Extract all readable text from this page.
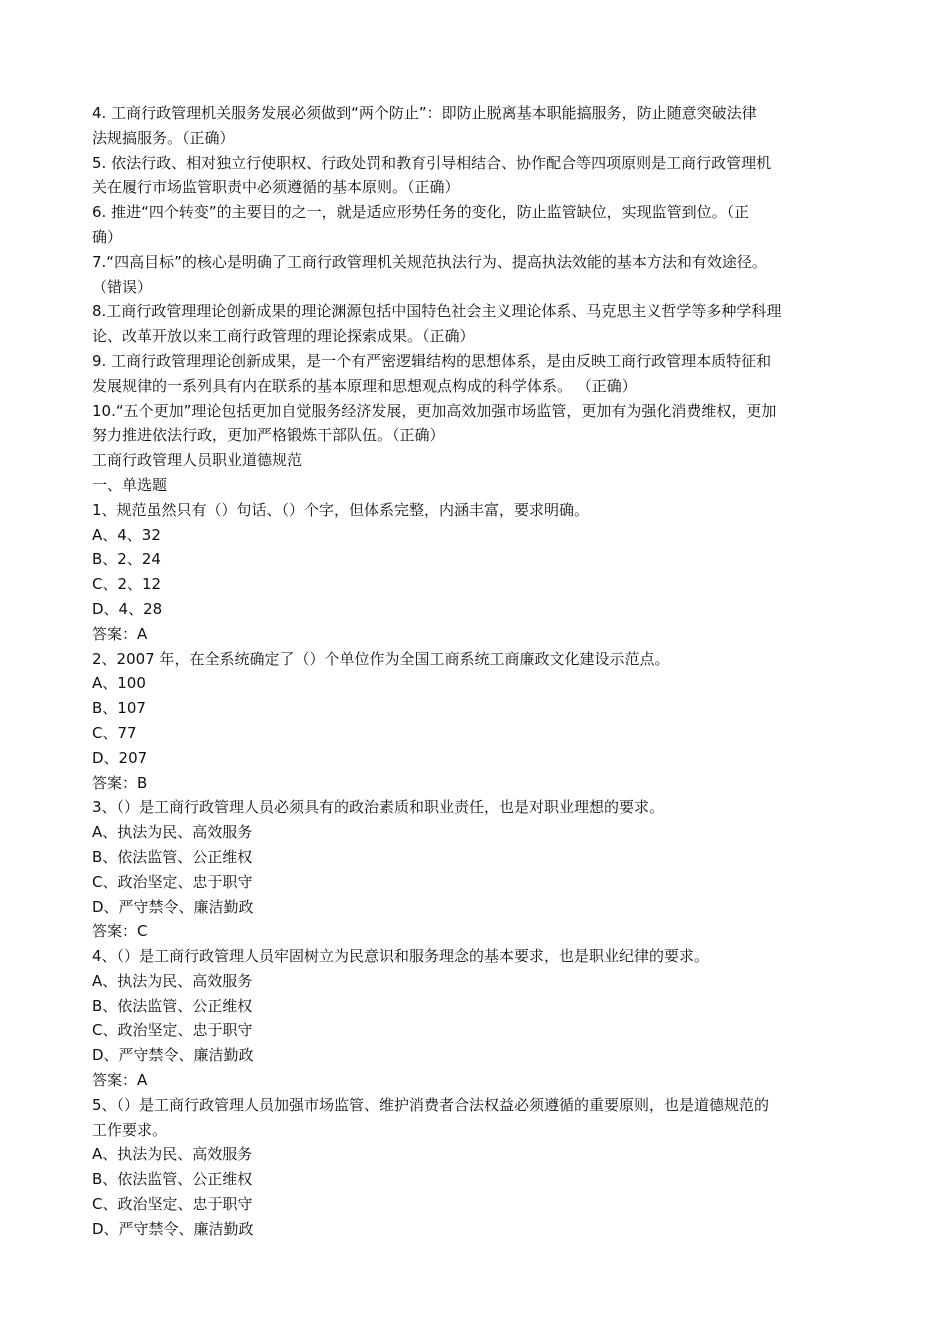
4. 工商行政管理机关服务发展必须做到“两个防止”：即防止脱离基本职能搞服务，防止随意突破法律
法规搞服务。（正确）
5. 依法行政、相对独立行使职权、行政处罚和教育引导相结合、协作配合等四项原则是工商行政管理机
关在履行市场监管职责中必须遵循的基本原则。（正确）
6. 推进“四个转变”的主要目的之一，就是适应形势任务的变化，防止监管缺位，实现监管到位。（正
确）
7.“四高目标”的核心是明确了工商行政管理机关规范执法行为、提高执法效能的基本方法和有效途径。
（错误）
8.工商行政管理理论创新成果的理论渊源包括中国特色社会主义理论体系、马克思主义哲学等多种学科理
论、改革开放以来工商行政管理的理论探索成果。（正确）
9. 工商行政管理理论创新成果，是一个有严密逻辑结构的思想体系，是由反映工商行政管理本质特征和
发展规律的一系列具有内在联系的基本原理和思想观点构成的科学体系。 （正确）
10.“五个更加”理论包括更加自觉服务经济发展，更加高效加强市场监管，更加有为强化消费维权，更加
努力推进依法行政，更加严格锻炼干部队伍。（正确）
工商行政管理人员职业道德规范
一、单选题
1、规范虽然只有（）句话、（）个字，但体系完整，内涵丰富，要求明确。
A、4、32
B、2、24
C、2、12
D、4、28
答案：A
2、2007 年，在全系统确定了（）个单位作为全国工商系统工商廉政文化建设示范点。
A、100
B、107
C、77
D、207
答案：B
3、（）是工商行政管理人员必须具有的政治素质和职业责任，也是对职业理想的要求。
A、执法为民、高效服务
B、依法监管、公正维权
C、政治坚定、忠于职守
D、严守禁令、廉洁勤政
答案：C
4、（）是工商行政管理人员牢固树立为民意识和服务理念的基本要求，也是职业纪律的要求。
A、执法为民、高效服务
B、依法监管、公正维权
C、政治坚定、忠于职守
D、严守禁令、廉洁勤政
答案：A
5、（）是工商行政管理人员加强市场监管、维护消费者合法权益必须遵循的重要原则，也是道德规范的
工作要求。
A、执法为民、高效服务
B、依法监管、公正维权
C、政治坚定、忠于职守
D、严守禁令、廉洁勤政
